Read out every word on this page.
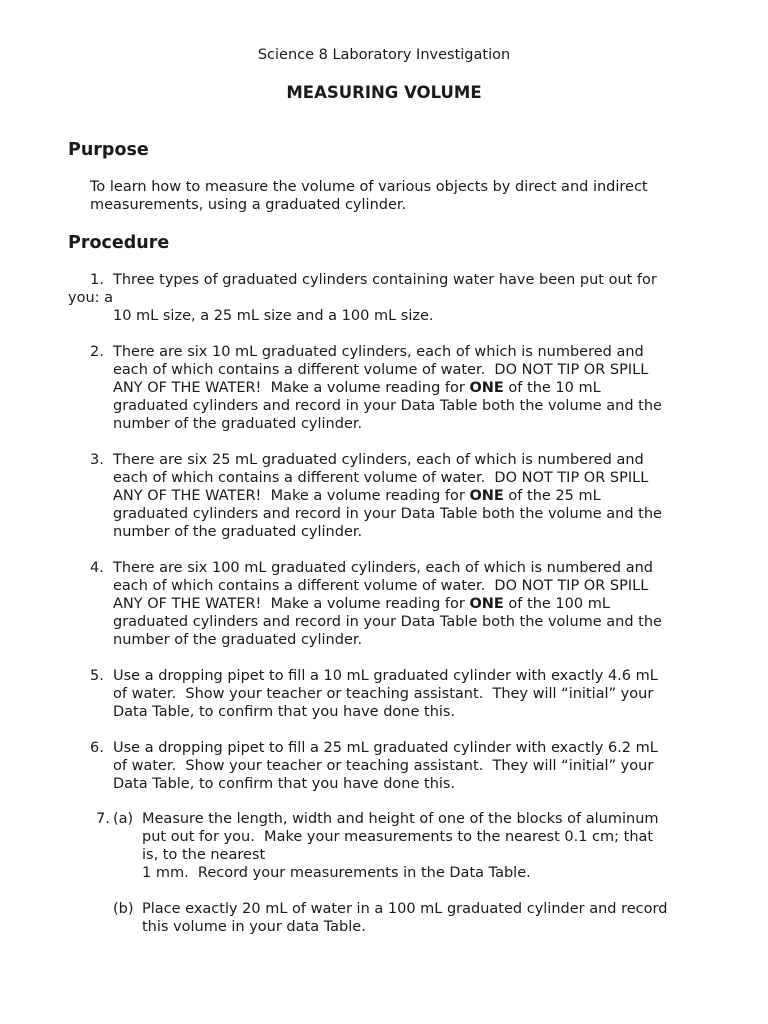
Science 8 Laboratory Investigation
MEASURING VOLUME
Purpose
To learn how to measure the volume of various objects by direct and indirect
measurements, using a graduated cylinder.
Procedure
1. Three types of graduated cylinders containing water have been put out for
you: a
10 mL size, a 25 mL size and a 100 mL size.
2. There are six 10 mL graduated cylinders, each of which is numbered and
each of which contains a different volume of water.  DO NOT TIP OR SPILL
ANY OF THE WATER!  Make a volume reading for ONE of the 10 mL
graduated cylinders and record in your Data Table both the volume and the
number of the graduated cylinder.
3. There are six 25 mL graduated cylinders, each of which is numbered and
each of which contains a different volume of water.  DO NOT TIP OR SPILL
ANY OF THE WATER!  Make a volume reading for ONE of the 25 mL
graduated cylinders and record in your Data Table both the volume and the
number of the graduated cylinder.
4. There are six 100 mL graduated cylinders, each of which is numbered and
each of which contains a different volume of water.  DO NOT TIP OR SPILL
ANY OF THE WATER!  Make a volume reading for ONE of the 100 mL
graduated cylinders and record in your Data Table both the volume and the
number of the graduated cylinder.
5. Use a dropping pipet to fill a 10 mL graduated cylinder with exactly 4.6 mL
of water.  Show your teacher or teaching assistant.  They will “initial” your
Data Table, to confirm that you have done this.
6. Use a dropping pipet to fill a 25 mL graduated cylinder with exactly 6.2 mL
of water.  Show your teacher or teaching assistant.  They will “initial” your
Data Table, to confirm that you have done this.
7. (a) Measure the length, width and height of one of the blocks of aluminum
put out for you.  Make your measurements to the nearest 0.1 cm; that
is, to the nearest
1 mm.  Record your measurements in the Data Table.
(b) Place exactly 20 mL of water in a 100 mL graduated cylinder and record
this volume in your data Table.
